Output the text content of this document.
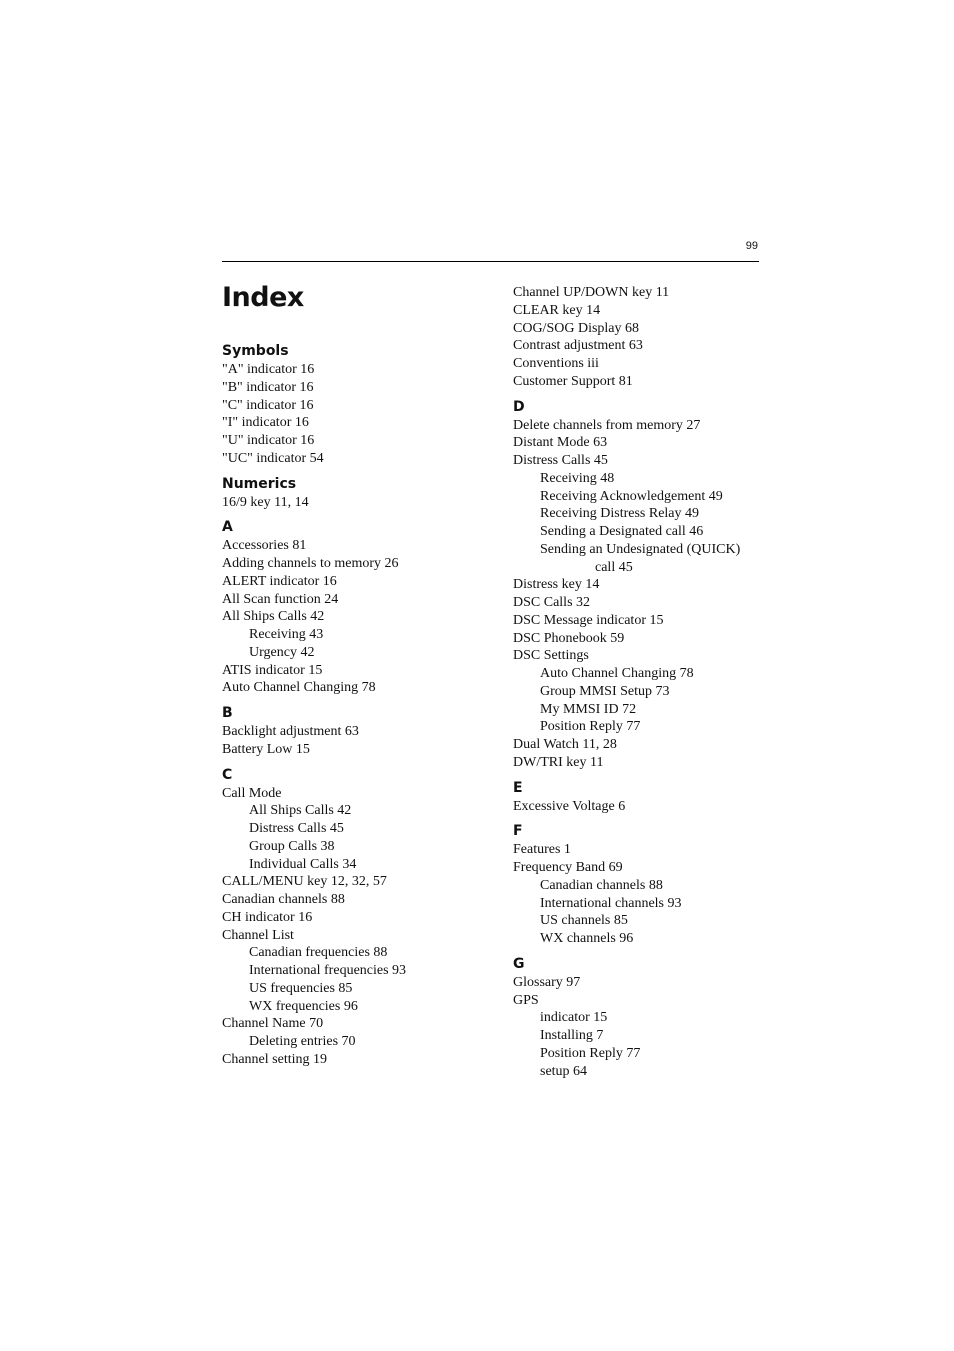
99
Index
Symbols
"A" indicator 16
"B" indicator 16
"C" indicator 16
"I" indicator 16
"U" indicator 16
"UC" indicator 54
Numerics
16/9 key 11, 14
A
Accessories 81
Adding channels to memory 26
ALERT indicator 16
All Scan function 24
All Ships Calls 42
Receiving 43
Urgency 42
ATIS indicator 15
Auto Channel Changing 78
B
Backlight adjustment 63
Battery Low 15
C
Call Mode
All Ships Calls 42
Distress Calls 45
Group Calls 38
Individual Calls 34
CALL/MENU key 12, 32, 57
Canadian channels 88
CH indicator 16
Channel List
Canadian frequencies 88
International frequencies 93
US frequencies 85
WX frequencies 96
Channel Name 70
Deleting entries 70
Channel setting 19
Channel UP/DOWN key 11
CLEAR key 14
COG/SOG Display 68
Contrast adjustment 63
Conventions iii
Customer Support 81
D
Delete channels from memory 27
Distant Mode 63
Distress Calls 45
Receiving 48
Receiving Acknowledgement 49
Receiving Distress Relay 49
Sending a Designated call 46
Sending an Undesignated (QUICK)
call 45
Distress key 14
DSC Calls 32
DSC Message indicator 15
DSC Phonebook 59
DSC Settings
Auto Channel Changing 78
Group MMSI Setup 73
My MMSI ID 72
Position Reply 77
Dual Watch 11, 28
DW/TRI key 11
E
Excessive Voltage 6
F
Features 1
Frequency Band 69
Canadian channels 88
International channels 93
US channels 85
WX channels 96
G
Glossary 97
GPS
indicator 15
Installing 7
Position Reply 77
setup 64
